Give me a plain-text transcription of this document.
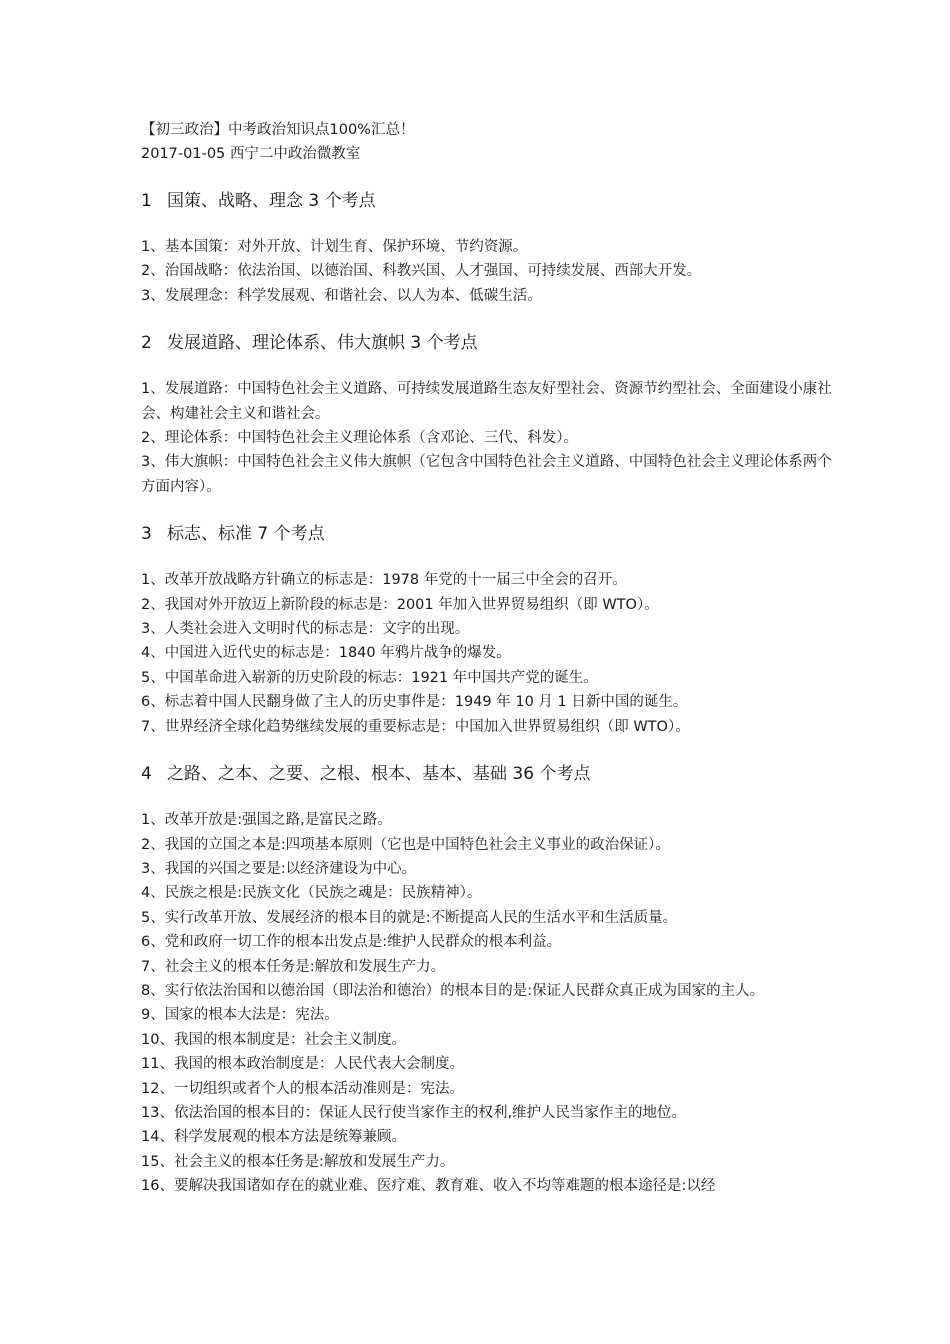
【初三政治】中考政治知识点100%汇总！
2017-01-05 西宁二中政治微教室
1 国策、战略、理念 3 个考点

1、基本国策：对外开放、计划生育、保护环境、节约资源。

2、治国战略：依法治国、以德治国、科教兴国、人才强国、可持续发展、西部大开发。

3、发展理念：科学发展观、和谐社会、以人为本、低碳生活。

2 发展道路、理论体系、伟大旗帜 3 个考点

1、发展道路：中国特色社会主义道路、可持续发展道路生态友好型社会、资源节约型社会、全面建设小康社会、构建社会主义和谐社会。

2、理论体系：中国特色社会主义理论体系（含邓论、三代、科发）。

3、伟大旗帜：中国特色社会主义伟大旗帜（它包含中国特色社会主义道路、中国特色社会主义理论体系两个方面内容）。

3 标志、标准 7 个考点

1、改革开放战略方针确立的标志是：1978 年党的十一届三中全会的召开。

2、我国对外开放迈上新阶段的标志是：2001 年加入世界贸易组织（即 WTO）。

3、人类社会进入文明时代的标志是：文字的出现。

4、中国进入近代史的标志是：1840 年鸦片战争的爆发。

5、中国革命进入崭新的历史阶段的标志：1921 年中国共产党的诞生。

6、标志着中国人民翻身做了主人的历史事件是：1949 年 10 月 1 日新中国的诞生。

7、世界经济全球化趋势继续发展的重要标志是：中国加入世界贸易组织（即 WTO）。

4 之路、之本、之要、之根、根本、基本、基础 36 个考点

1、改革开放是:强国之路,是富民之路。

2、我国的立国之本是:四项基本原则（它也是中国特色社会主义事业的政治保证）。

3、我国的兴国之要是:以经济建设为中心。

4、民族之根是:民族文化（民族之魂是：民族精神）。

5、实行改革开放、发展经济的根本目的就是:不断提高人民的生活水平和生活质量。

6、党和政府一切工作的根本出发点是:维护人民群众的根本利益。

7、社会主义的根本任务是:解放和发展生产力。

8、实行依法治国和以德治国（即法治和德治）的根本目的是:保证人民群众真正成为国家的主人。

9、国家的根本大法是：宪法。

10、我国的根本制度是：社会主义制度。

11、我国的根本政治制度是：人民代表大会制度。

12、一切组织或者个人的根本活动准则是：宪法。

13、依法治国的根本目的：保证人民行使当家作主的权利,维护人民当家作主的地位。

14、科学发展观的根本方法是统筹兼顾。

15、社会主义的根本任务是:解放和发展生产力。

16、要解决我国诸如存在的就业难、医疗难、教育难、收入不均等难题的根本途径是:以经
